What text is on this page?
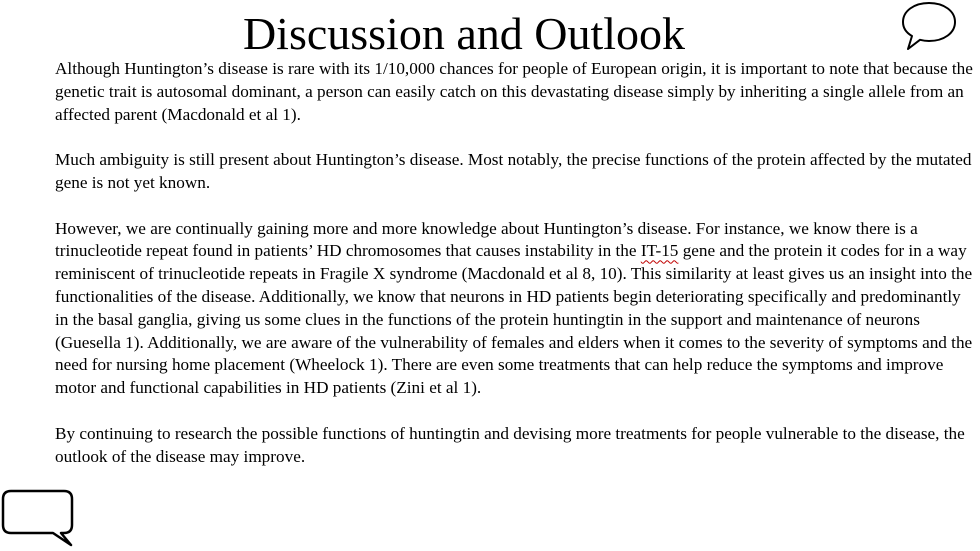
Discussion and Outlook

Although Huntington’s disease is rare with its 1/10,000 chances for people of European origin, it is important to note that because the genetic trait is autosomal dominant, a person can easily catch on this devastating disease simply by inheriting a single allele from an affected parent (Macdonald et al 1).

Much ambiguity is still present about Huntington’s disease. Most notably, the precise functions of the protein affected by the mutated gene is not yet known.

However, we are continually gaining more and more knowledge about Huntington’s disease. For instance, we know there is a trinucleotide repeat found in patients’ HD chromosomes that causes instability in the IT-15 gene and the protein it codes for in a way reminiscent of trinucleotide repeats in Fragile X syndrome (Macdonald et al 8, 10). This similarity at least gives us an insight into the functionalities of the disease. Additionally, we know that neurons in HD patients begin deteriorating specifically and predominantly in the basal ganglia, giving us some clues in the functions of the protein huntingtin in the support and maintenance of neurons (Guesella 1). Additionally, we are aware of the vulnerability of females and elders when it comes to the severity of symptoms and the need for nursing home placement (Wheelock 1). There are even some treatments that can help reduce the symptoms and improve motor and functional capabilities in HD patients (Zini et al 1).

By continuing to research the possible functions of huntingtin and devising more treatments for people vulnerable to the disease, the outlook of the disease may improve.
